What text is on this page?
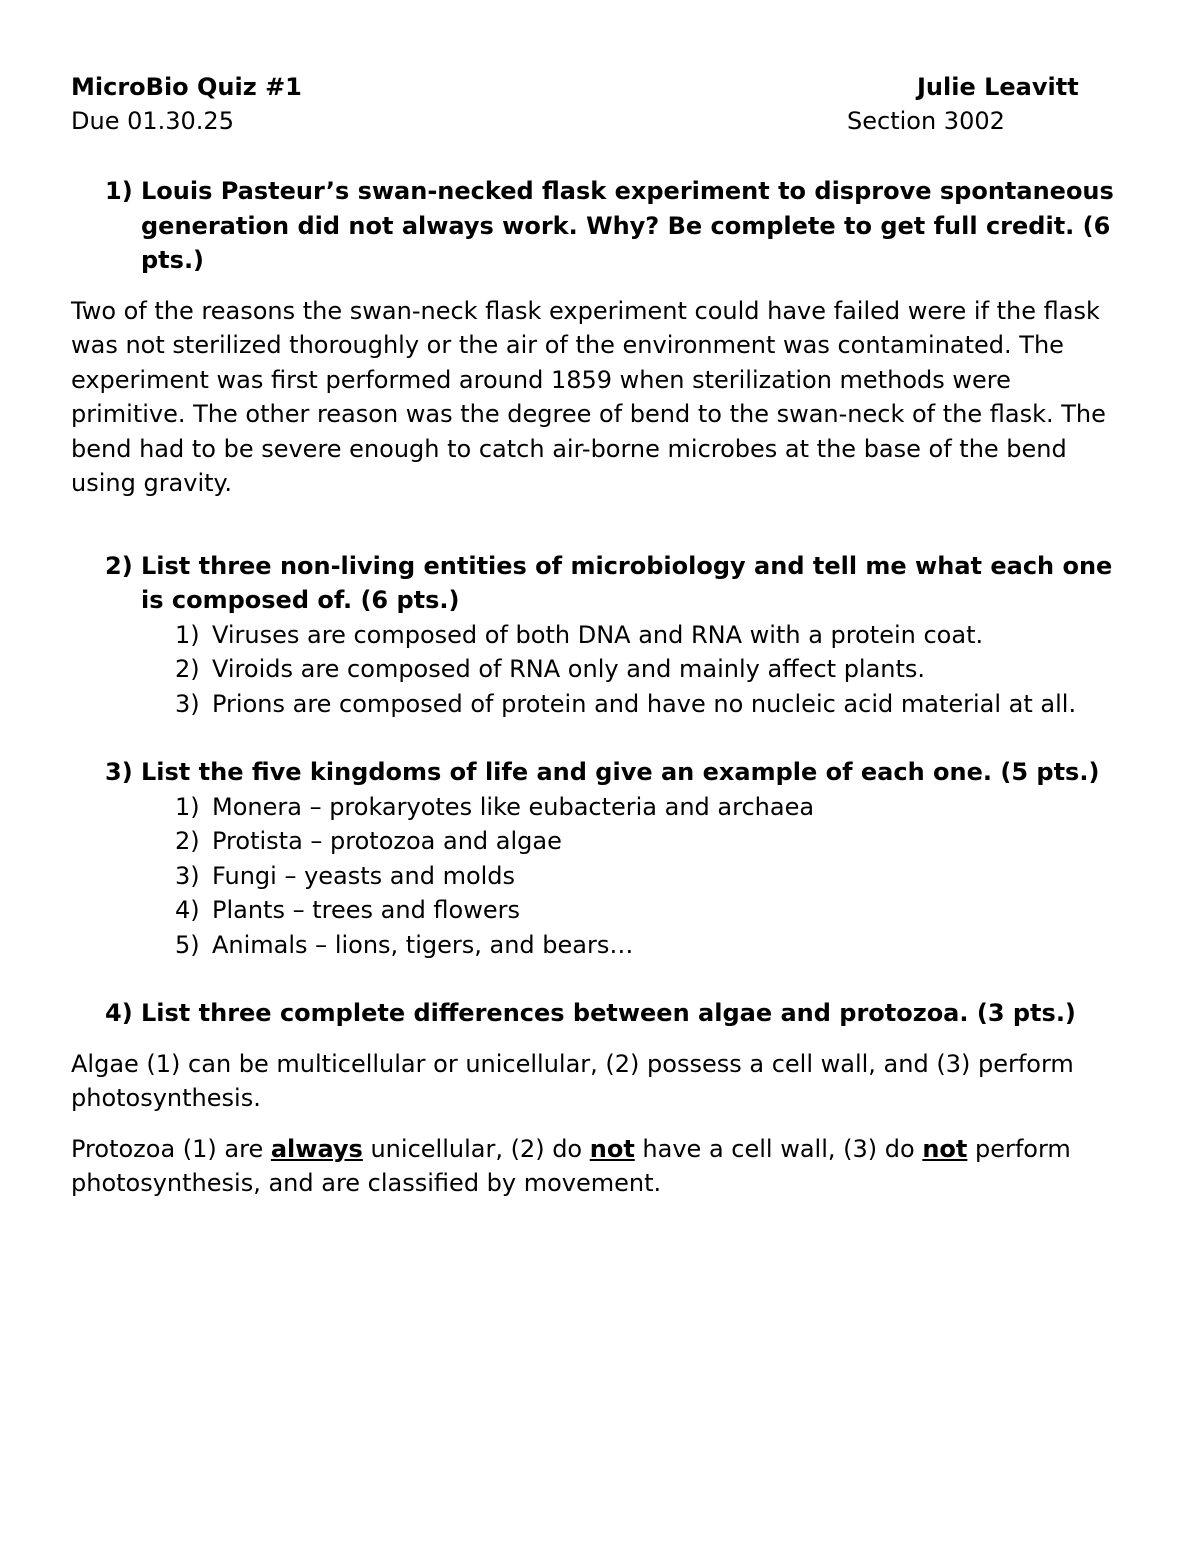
MicroBio Quiz #1	Julie Leavitt
Due 01.30.25	Section 3002
1) Louis Pasteur’s swan-necked flask experiment to disprove spontaneous generation did not always work. Why? Be complete to get full credit. (6 pts.)

Two of the reasons the swan-neck flask experiment could have failed were if the flask was not sterilized thoroughly or the air of the environment was contaminated. The experiment was first performed around 1859 when sterilization methods were primitive. The other reason was the degree of bend to the swan-neck of the flask. The bend had to be severe enough to catch air-borne microbes at the base of the bend using gravity.

2) List three non-living entities of microbiology and tell me what each one is composed of. (6 pts.)
1) Viruses are composed of both DNA and RNA with a protein coat.
2) Viroids are composed of RNA only and mainly affect plants.
3) Prions are composed of protein and have no nucleic acid material at all.
3) List the five kingdoms of life and give an example of each one. (5 pts.)
1) Monera – prokaryotes like eubacteria and archaea
2) Protista – protozoa and algae
3) Fungi – yeasts and molds
4) Plants – trees and flowers
5) Animals – lions, tigers, and bears…
4) List three complete differences between algae and protozoa. (3 pts.)

Algae (1) can be multicellular or unicellular, (2) possess a cell wall, and (3) perform photosynthesis.

Protozoa (1) are always unicellular, (2) do not have a cell wall, (3) do not perform photosynthesis, and are classified by movement.
